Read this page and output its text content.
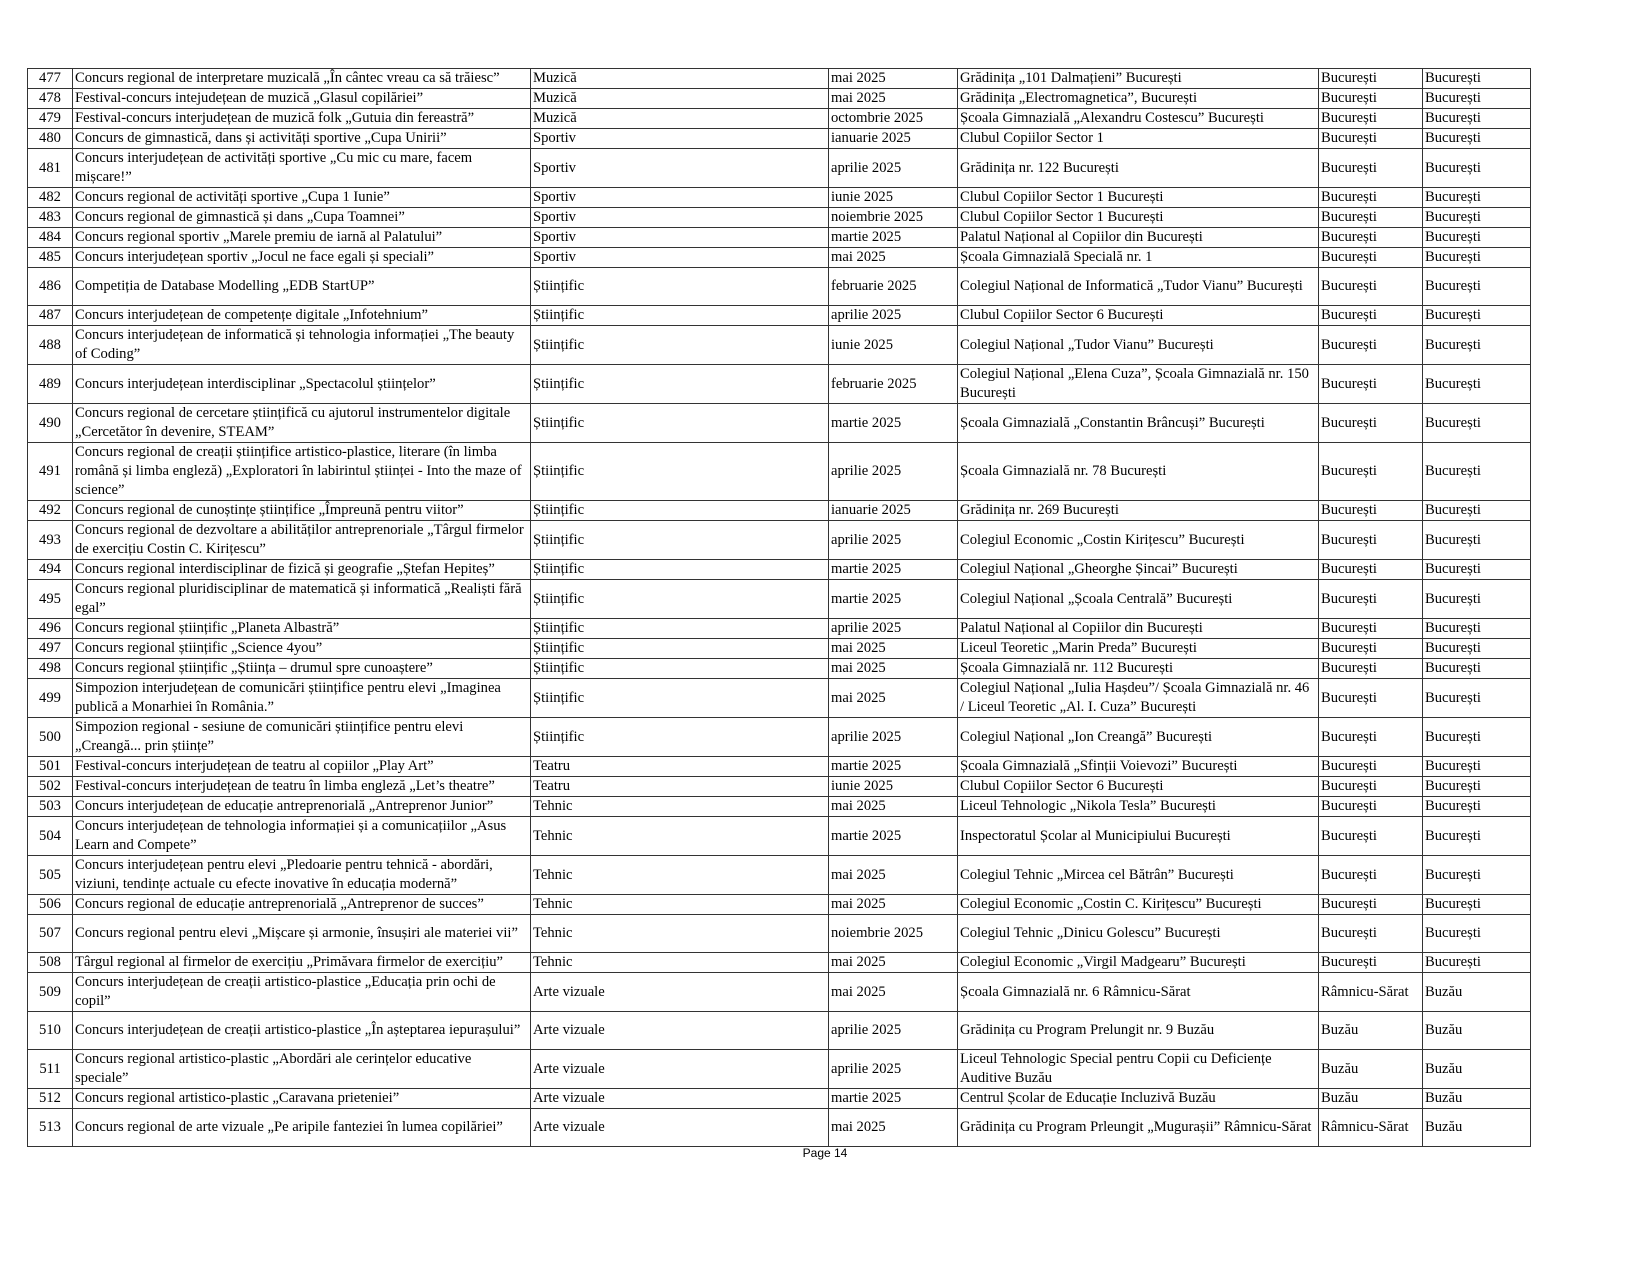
477	Concurs regional de interpretare muzicală „În cântec vreau ca să trăiesc”	Muzică	mai 2025	Grădinița „101 Dalmațieni” București	București	București
478	Festival-concurs intejudețean de muzică „Glasul copilăriei”	Muzică	mai 2025	Grădinița „Electromagnetica”, București	București	București
479	Festival-concurs interjudețean de muzică folk „Gutuia din fereastră”	Muzică	octombrie 2025	Școala Gimnazială „Alexandru Costescu” București	București	București
480	Concurs de gimnastică, dans și activități sportive „Cupa Unirii”	Sportiv	ianuarie 2025	Clubul Copiilor Sector 1	București	București
481	Concurs interjudețean de activități sportive „Cu mic cu mare, facem mișcare!”	Sportiv	aprilie 2025	Grădinița nr. 122 București	București	București
482	Concurs regional de activități sportive „Cupa 1 Iunie”	Sportiv	iunie 2025	Clubul Copiilor Sector 1 București	București	București
483	Concurs regional de gimnastică și dans „Cupa Toamnei”	Sportiv	noiembrie 2025	Clubul Copiilor Sector 1 București	București	București
484	Concurs regional sportiv „Marele premiu de iarnă al Palatului”	Sportiv	martie 2025	Palatul Național al Copiilor din București	București	București
485	Concurs interjudețean sportiv „Jocul ne face egali și speciali”	Sportiv	mai 2025	Școala Gimnazială Specială nr. 1	București	București
486	Competiția de Database Modelling „EDB StartUP”	Științific	februarie 2025	Colegiul Național de Informatică „Tudor Vianu” București	București	București
487	Concurs interjudețean de competențe digitale „Infotehnium”	Științific	aprilie 2025	Clubul Copiilor Sector 6 București	București	București
488	Concurs interjudețean de informatică și tehnologia informației „The beauty of Coding”	Științific	iunie 2025	Colegiul Național „Tudor Vianu” București	București	București
489	Concurs interjudețean interdisciplinar „Spectacolul științelor”	Științific	februarie 2025	Colegiul Național „Elena Cuza”, Școala Gimnazială nr. 150 București	București	București
490	Concurs regional de cercetare științifică cu ajutorul instrumentelor digitale „Cercetător în devenire, STEAM”	Științific	martie 2025	Școala Gimnazială „Constantin Brâncuși” București	București	București
491	Concurs regional de creații științifice artistico-plastice, literare (în limba română și limba engleză) „Exploratori în labirintul științei - Into the maze of science”	Științific	aprilie 2025	Școala Gimnazială nr. 78 București	București	București
492	Concurs regional de cunoștințe științifice „Împreună pentru viitor”	Științific	ianuarie 2025	Grădinița nr. 269 București	București	București
493	Concurs regional de dezvoltare a abilităților antreprenoriale „Târgul firmelor de exercițiu Costin C. Kirițescu”	Științific	aprilie 2025	Colegiul Economic „Costin Kirițescu” București	București	București
494	Concurs regional interdisciplinar de fizică și geografie „Ștefan Hepiteș”	Științific	martie 2025	Colegiul Național „Gheorghe Șincai” București	București	București
495	Concurs regional pluridisciplinar de matematică și informatică „Realiști fără egal”	Științific	martie 2025	Colegiul Național „Școala Centrală” București	București	București
496	Concurs regional științific „Planeta Albastră”	Științific	aprilie 2025	Palatul Național al Copiilor din București	București	București
497	Concurs regional științific „Science 4you”	Științific	mai 2025	Liceul Teoretic „Marin Preda” București	București	București
498	Concurs regional științific „Știința – drumul spre cunoaștere”	Științific	mai 2025	Școala Gimnazială nr. 112 București	București	București
499	Simpozion interjudețean de comunicări științifice pentru elevi „Imaginea publică a Monarhiei în România.”	Științific	mai 2025	Colegiul Național „Iulia Hașdeu”/ Școala Gimnazială nr. 46 / Liceul Teoretic „Al. I. Cuza” București	București	București
500	Simpozion regional - sesiune de comunicări științifice pentru elevi „Creangă... prin științe”	Științific	aprilie 2025	Colegiul Național „Ion Creangă” București	București	București
501	Festival-concurs interjudețean de teatru al copiilor „Play Art”	Teatru	martie 2025	Școala Gimnazială „Sfinții Voievozi” București	București	București
502	Festival-concurs interjudețean de teatru în limba engleză „Let’s theatre”	Teatru	iunie 2025	Clubul Copiilor Sector 6 București	București	București
503	Concurs interjudețean de educație antreprenorială „Antreprenor Junior”	Tehnic	mai 2025	Liceul Tehnologic „Nikola Tesla” București	București	București
504	Concurs interjudețean de tehnologia informației și a comunicațiilor „Asus Learn and Compete”	Tehnic	martie 2025	Inspectoratul Școlar al Municipiului București	București	București
505	Concurs interjudețean pentru elevi „Pledoarie pentru tehnică - abordări, viziuni, tendințe actuale cu efecte inovative în educația modernă”	Tehnic	mai 2025	Colegiul Tehnic „Mircea cel Bătrân” București	București	București
506	Concurs regional de educație antreprenorială „Antreprenor de succes”	Tehnic	mai 2025	Colegiul Economic „Costin C. Kirițescu” București	București	București
507	Concurs regional pentru elevi „Mișcare și armonie, însușiri ale materiei vii”	Tehnic	noiembrie 2025	Colegiul Tehnic „Dinicu Golescu” București	București	București
508	Târgul regional al firmelor de exercițiu „Primăvara firmelor de exercițiu”	Tehnic	mai 2025	Colegiul Economic „Virgil Madgearu” București	București	București
509	Concurs interjudețean de creații artistico-plastice „Educația prin ochi de copil”	Arte vizuale	mai 2025	Școala Gimnazială nr. 6 Râmnicu-Sărat	Râmnicu-Sărat	Buzău
510	Concurs interjudețean de creații artistico-plastice „În așteptarea iepurașului”	Arte vizuale	aprilie 2025	Grădinița cu Program Prelungit nr. 9 Buzău	Buzău	Buzău
511	Concurs regional artistico-plastic „Abordări ale cerințelor educative speciale”	Arte vizuale	aprilie 2025	Liceul Tehnologic Special pentru Copii cu Deficiențe Auditive Buzău	Buzău	Buzău
512	Concurs regional artistico-plastic „Caravana prieteniei”	Arte vizuale	martie 2025	Centrul Școlar de Educație Incluzivă Buzău	Buzău	Buzău
513	Concurs regional de arte vizuale „Pe aripile fanteziei în lumea copilăriei”	Arte vizuale	mai 2025	Grădinița cu Program Prleungit „Mugurașii” Râmnicu-Sărat	Râmnicu-Sărat	Buzău
Page 14
